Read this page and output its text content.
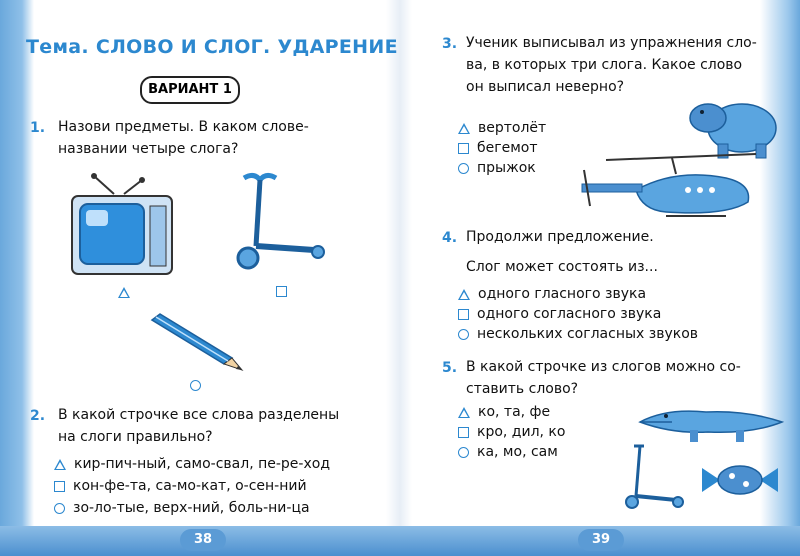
Тема. СЛОВО И СЛОГ. УДАРЕНИЕ
ВАРИАНТ 1
1. Назови предметы. В каком слове-
названии четыре слога?
2. В какой строчке все слова разделены
на слоги правильно?
кир-пич-ный, само-свал, пе-ре-ход
кон-фе-та, са-мо-кат, о-сен-ний
зо-ло-тые, верх-ний, боль-ни-ца
38
3. Ученик выписывал из упражнения сло-
ва, в которых три слога. Какое слово
он выписал неверно?
вертолёт
бегемот
прыжок
4. Продолжи предложение.
Слог может состоять из...
одного гласного звука
одного согласного звука
нескольких согласных звуков
5. В какой строчке из слогов можно со-
ставить слово?
ко, та, фе
кро, дил, ко
ка, мо, сам
39
